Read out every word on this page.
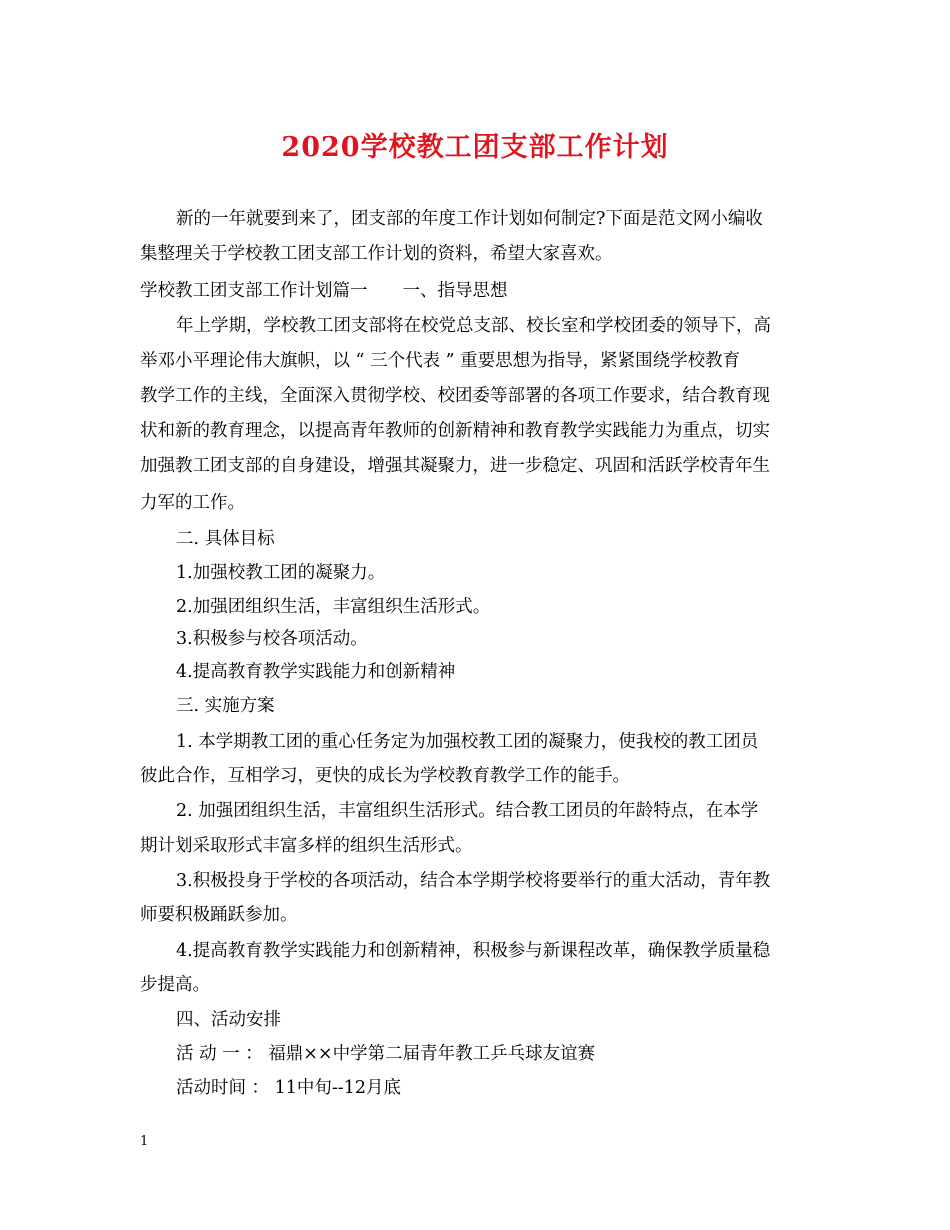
2020学校教工团支部工作计划
新的一年就要到来了，团支部的年度工作计划如何制定?下面是范文网小编收
集整理关于学校教工团支部工作计划的资料，希望大家喜欢。
学校教工团支部工作计划篇一　　一、指导思想
年上学期，学校教工团支部将在校党总支部、校长室和学校团委的领导下，高
举邓小平理论伟大旗帜，以 “ 三个代表 ” 重要思想为指导，紧紧围绕学校教育
教学工作的主线，全面深入贯彻学校、校团委等部署的各项工作要求，结合教育现
状和新的教育理念，以提高青年教师的创新精神和教育教学实践能力为重点，切实
加强教工团支部的自身建设，增强其凝聚力，进一步稳定、巩固和活跃学校青年生
力军的工作。
二. 具体目标
1.加强校教工团的凝聚力。
2.加强团组织生活，丰富组织生活形式。
3.积极参与校各项活动。
4.提高教育教学实践能力和创新精神
三. 实施方案
1. 本学期教工团的重心任务定为加强校教工团的凝聚力，使我校的教工团员
彼此合作，互相学习，更快的成长为学校教育教学工作的能手。
2. 加强团组织生活，丰富组织生活形式。结合教工团员的年龄特点，在本学
期计划采取形式丰富多样的组织生活形式。
3.积极投身于学校的各项活动，结合本学期学校将要举行的重大活动，青年教
师要积极踊跃参加。
4.提高教育教学实践能力和创新精神，积极参与新课程改革，确保教学质量稳
步提高。
四、活动安排
活 动 一 ： 福鼎××中学第二届青年教工乒乓球友谊赛
活动时间 ： 11中旬--12月底
1
